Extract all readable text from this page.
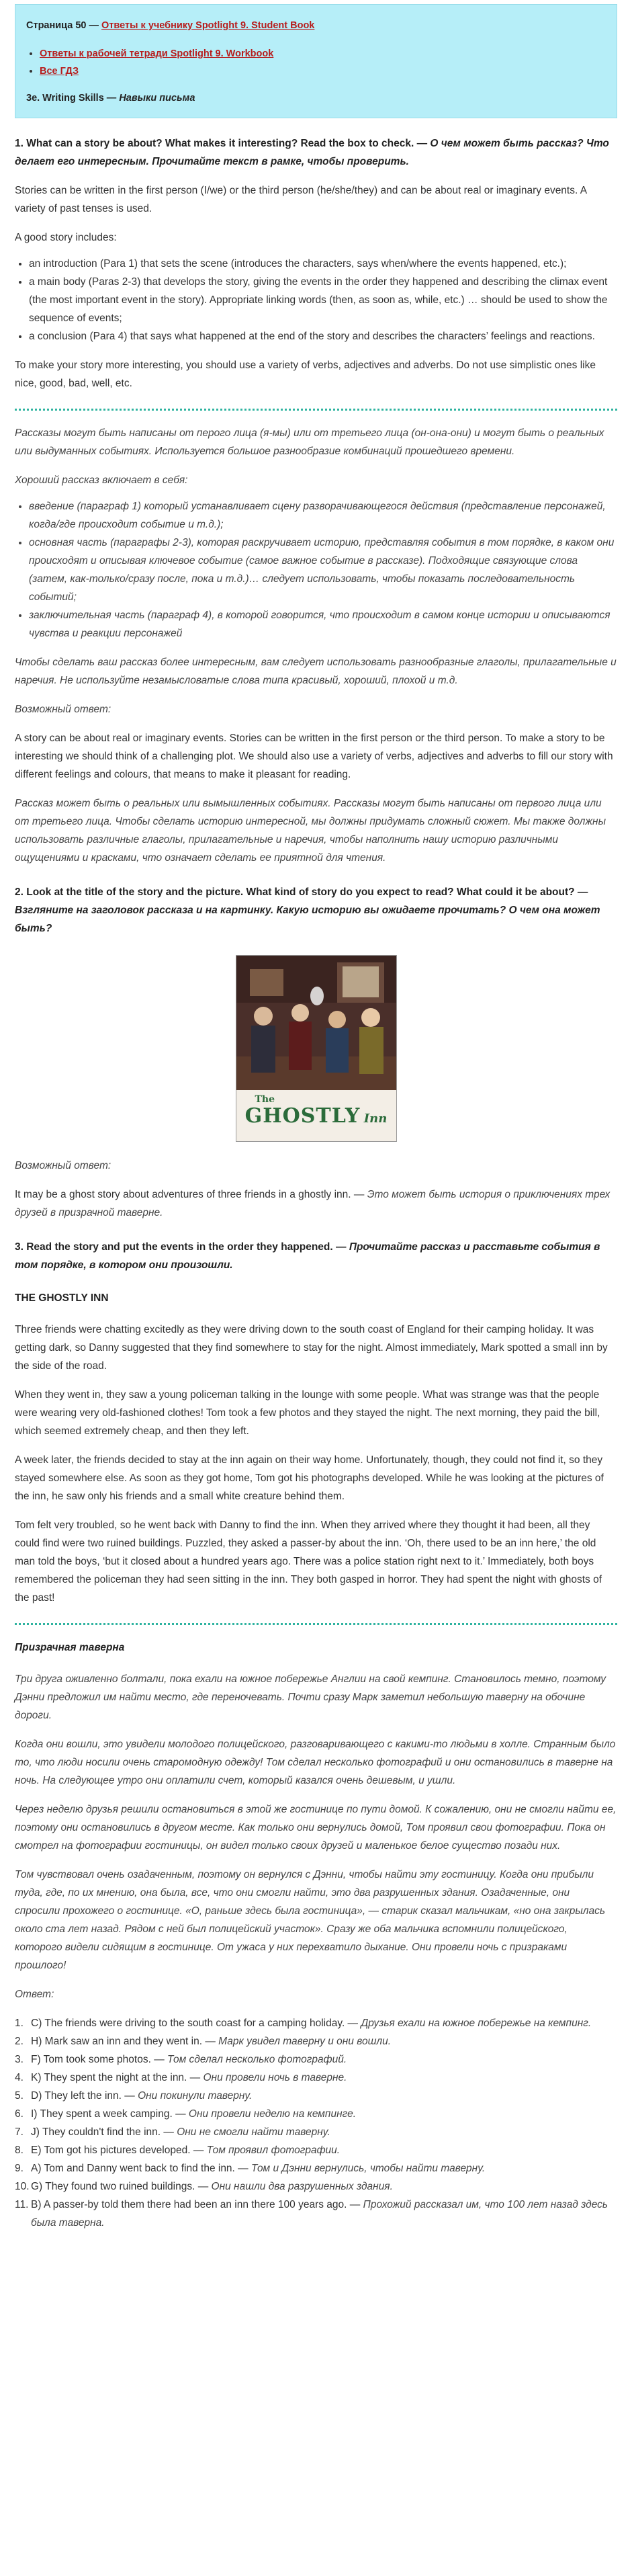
Страница 50 — Ответы к учебнику Spotlight 9. Student Book
• Ответы к рабочей тетради Spotlight 9. Workbook
• Все ГДЗ
3e. Writing Skills — Навыки письма

1. What can a story be about? What makes it interesting? Read the box to check. — О чем может быть рассказ? Что делает его интересным. Прочитайте текст в рамке, чтобы проверить.

Stories can be written in the first person (I/we) or the third person (he/she/they) and can be about real or imaginary events. A variety of past tenses is used.

A good story includes:

• an introduction (Para 1) that sets the scene (introduces the characters, says when/where the events happened, etc.);
• a main body (Paras 2-3) that develops the story, giving the events in the order they happened and describing the climax event (the most important event in the story). Appropriate linking words (then, as soon as, while, etc.) … should be used to show the sequence of events;
• a conclusion (Para 4) that says what happened at the end of the story and describes the characters’ feelings and reactions.

To make your story more interesting, you should use a variety of verbs, adjectives and adverbs. Do not use simplistic ones like nice, good, bad, well, etc.

Рассказы могут быть написаны от перого лица (я-мы) или от третьего лица (он-она-они) и могут быть о реальных или выдуманных событиях. Используется большое разнообразие комбинаций прошедшего времени.

Хороший рассказ включает в себя:

• введение (параграф 1) который устанавливает сцену разворачивающегося действия (представление персонажей, когда/где происходит событие и т.д.);
• основная часть (параграфы 2-3), которая раскручивает историю, представляя события в том порядке, в каком они происходят и описывая ключевое событие (самое важное событие в рассказе). Подходящие связующие слова (затем, как-только/сразу после, пока и т.д.)… следует использовать, чтобы показать последовательность событий;
• заключительная часть (параграф 4), в которой говорится, что происходит в самом конце истории и описываются чувства и реакции персонажей

Чтобы сделать ваш рассказ более интересным, вам следует использовать разнообразные глаголы, прилагательные и наречия. Не используйте незамысловатые слова типа красивый, хороший, плохой и т.д.

Возможный ответ:

A story can be about real or imaginary events. Stories can be written in the first person or the third person. To make a story to be interesting we should think of a challenging plot. We should also use a variety of verbs, adjectives and adverbs to fill our story with different feelings and colours, that means to make it pleasant for reading.

Рассказ может быть о реальных или вымышленных событиях. Рассказы могут быть написаны от первого лица или от третьего лица. Чтобы сделать историю интересной, мы должны придумать сложный сюжет. Мы также должны использовать различные глаголы, прилагательные и наречия, чтобы наполнить нашу историю различными ощущениями и красками, что означает сделать ее приятной для чтения.

2. Look at the title of the story and the picture. What kind of story do you expect to read? What could it be about? — Взгляните на заголовок рассказа и на картинку. Какую историю вы ожидаете прочитать? О чем она может быть?

The
GHOSTLY Inn

Возможный ответ:

It may be a ghost story about adventures of three friends in a ghostly inn. — Это может быть история о приключениях трех друзей в призрачной таверне.

3. Read the story and put the events in the order they happened. — Прочитайте рассказ и расставьте события в том порядке, в котором они произошли.

THE GHOSTLY INN

Three friends were chatting excitedly as they were driving down to the south coast of England for their camping holiday. It was getting dark, so Danny suggested that they find somewhere to stay for the night. Almost immediately, Mark spotted a small inn by the side of the road.

When they went in, they saw a young policeman talking in the lounge with some people. What was strange was that the people were wearing very old-fashioned clothes! Tom took a few photos and they stayed the night. The next morning, they paid the bill, which seemed extremely cheap, and then they left.

A week later, the friends decided to stay at the inn again on their way home. Unfortunately, though, they could not find it, so they stayed somewhere else. As soon as they got home, Tom got his photographs developed. While he was looking at the pictures of the inn, he saw only his friends and a small white creature behind them.

Tom felt very troubled, so he went back with Danny to find the inn. When they arrived where they thought it had been, all they could find were two ruined buildings. Puzzled, they asked a passer-by about the inn. ‘Oh, there used to be an inn here,’ the old man told the boys, ‘but it closed about a hundred years ago. There was a police station right next to it.’ Immediately, both boys remembered the policeman they had seen sitting in the inn. They both gasped in horror. They had spent the night with ghosts of the past!

Призрачная таверна

Три друга оживленно болтали, пока ехали на южное побережье Англии на свой кемпинг. Становилось темно, поэтому Дэнни предложил им найти место, где переночевать. Почти сразу Марк заметил небольшую таверну на обочине дороги.

Когда они вошли, это увидели молодого полицейского, разговаривающего с какими-то людьми в холле. Странным было то, что люди носили очень старомодную одежду! Том сделал несколько фотографий и они остановились в таверне на ночь. На следующее утро они оплатили счет, который казался очень дешевым, и ушли.

Через неделю друзья решили остановиться в этой же гостинице по пути домой. К сожалению, они не смогли найти ее, поэтому они остановились в другом месте. Как только они вернулись домой, Том проявил свои фотографии. Пока он смотрел на фотографии гостиницы, он видел только своих друзей и маленькое белое существо позади них.

Том чувствовал очень озадаченным, поэтому он вернулся с Дэнни, чтобы найти эту гостиницу. Когда они прибыли туда, где, по их мнению, она была, все, что они смогли найти, это два разрушенных здания. Озадаченные, они спросили прохожего о гостинице. «О, раньше здесь была гостиница», — старик сказал мальчикам, «но она закрылась около ста лет назад. Рядом с ней был полицейский участок». Сразу же оба мальчика вспомнили полицейского, которого видели сидящим в гостинице. От ужаса у них перехватило дыхание. Они провели ночь с призраками прошлого!

Ответ:

1. C) The friends were driving to the south coast for a camping holiday. — Друзья ехали на южное побережье на кемпинг.
2. H) Mark saw an inn and they went in. — Марк увидел таверну и они вошли.
3. F) Tom took some photos. — Том сделал несколько фотографий.
4. K) They spent the night at the inn. — Они провели ночь в таверне.
5. D) They left the inn. — Они покинули таверну.
6. I) They spent a week camping. — Они провели неделю на кемпинге.
7. J) They couldn't find the inn. — Они не смогли найти таверну.
8. E) Tom got his pictures developed. — Том проявил фотографии.
9. A) Tom and Danny went back to find the inn. — Том и Дэнни вернулись, чтобы найти таверну.
10. G) They found two ruined buildings. — Они нашли два разрушенных здания.
11. B) A passer-by told them there had been an inn there 100 years ago. — Прохожий рассказал им, что 100 лет назад здесь была таверна.
